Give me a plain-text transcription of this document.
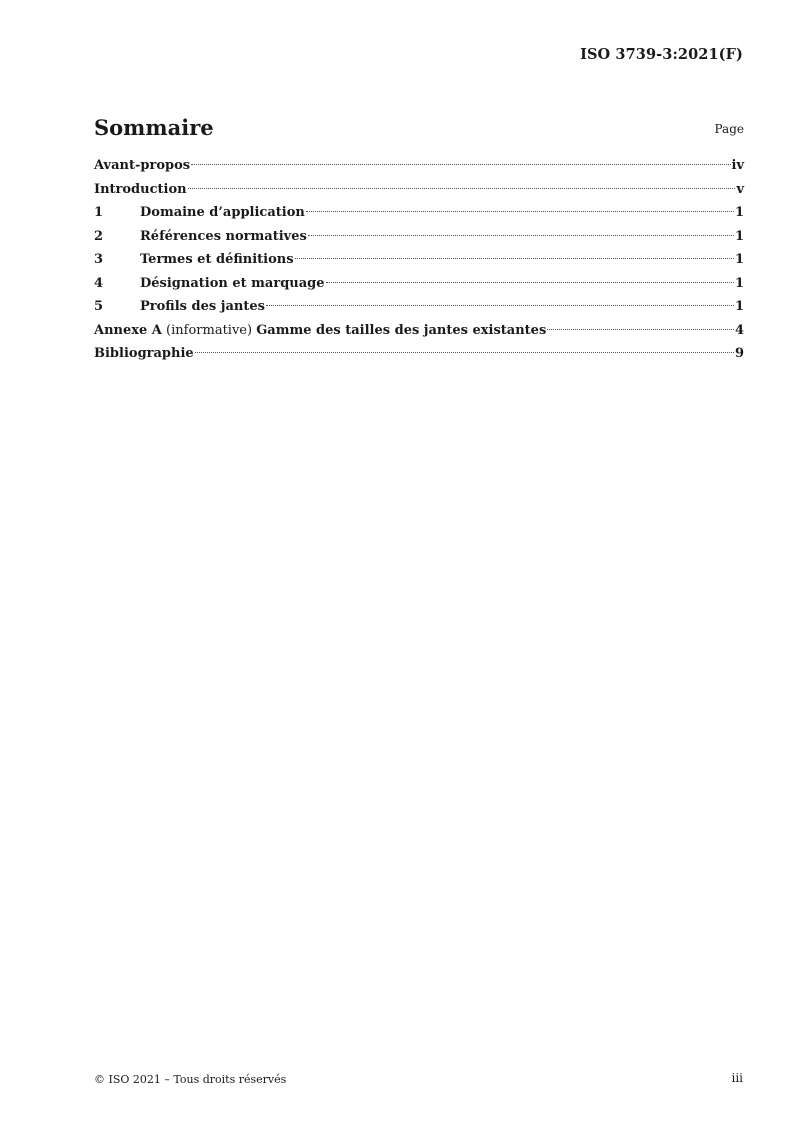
ISO 3739-3:2021(F)
Sommaire	Page
Avant-propos	iv
Introduction	v
1	Domaine d’application	1
2	Références normatives	1
3	Termes et définitions	1
4	Désignation et marquage	1
5	Profils des jantes	1
Annexe A (informative) Gamme des tailles des jantes existantes	4
Bibliographie	9
© ISO 2021 – Tous droits réservés	iii
